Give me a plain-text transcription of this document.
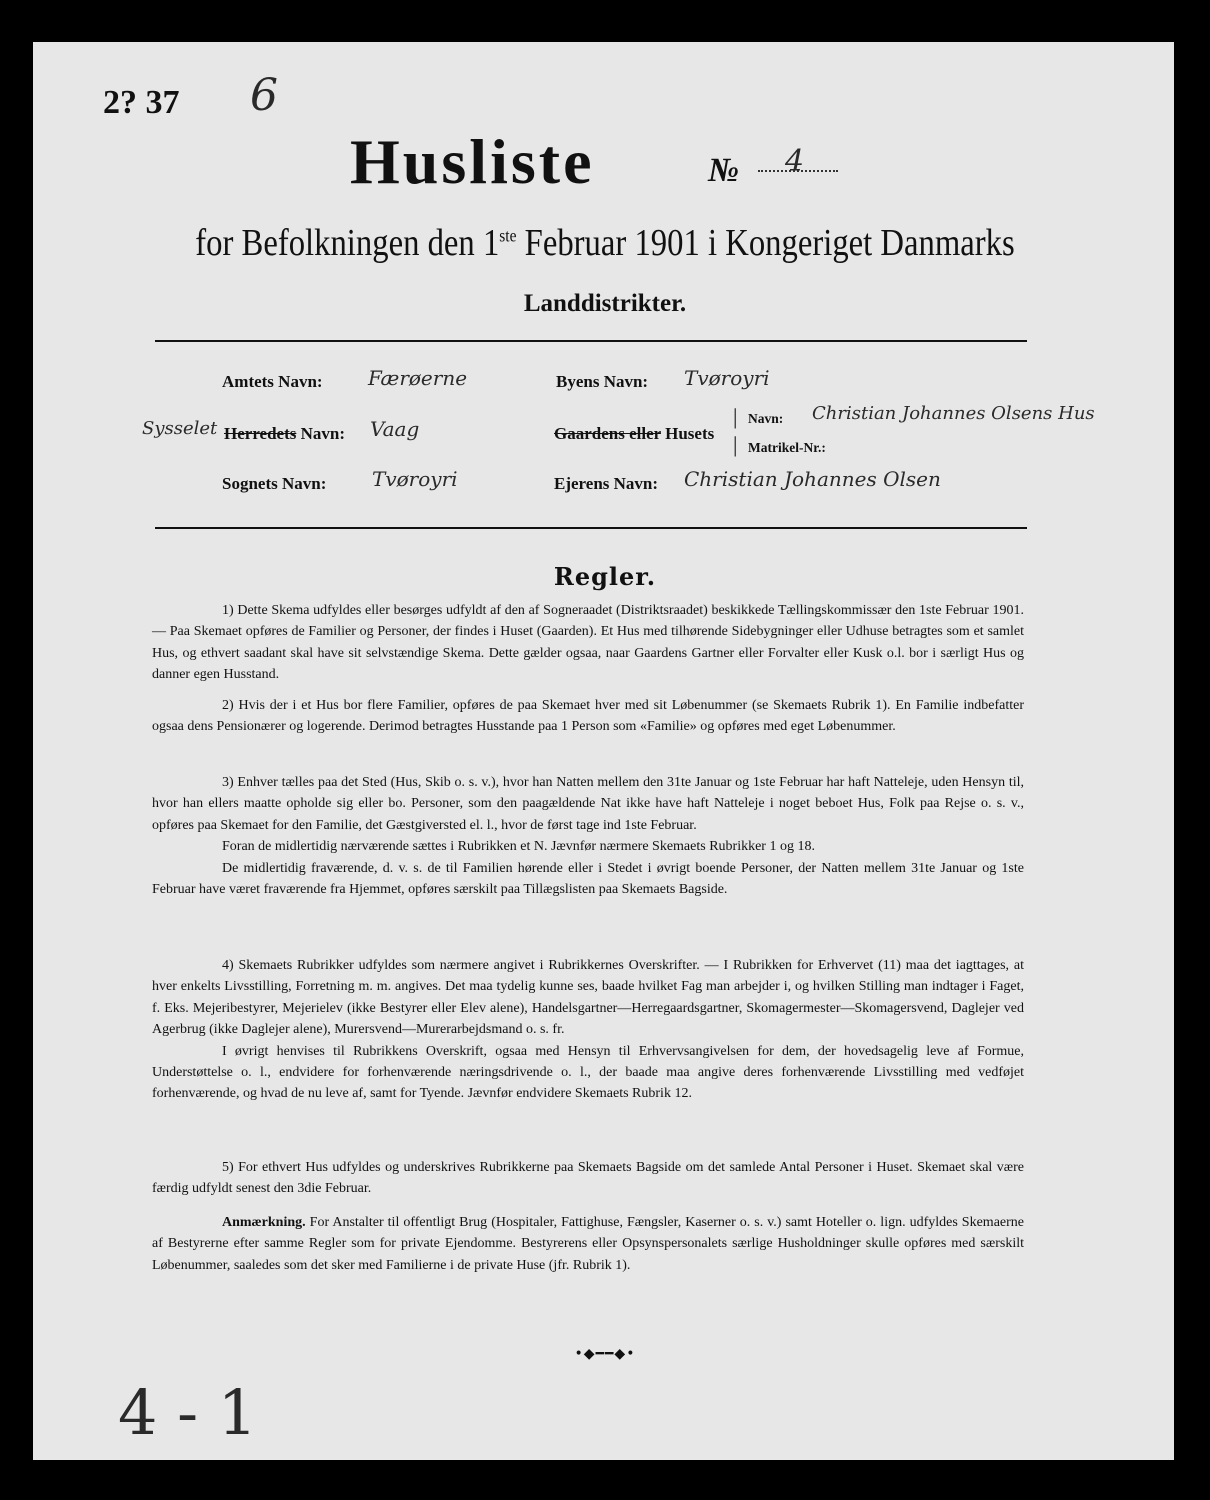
2? 37 6
Husliste	№ 4
for Befolkningen den 1ste Februar 1901 i Kongeriget Danmarks
Landdistrikter.
Amtets Navn: Færøerne	Byens Navn: Tvøroyri
Sysselet Herredets Navn: Vaag	Gaardens eller Husets
|
|
Navn: Christian Johannes Olsens Hus
Matrikel-Nr.:
Sognets Navn: Tvøroyri	Ejerens Navn: Christian Johannes Olsen
Regler.

1) Dette Skema udfyldes eller besørges udfyldt af den af Sogneraadet (Distriktsraadet) beskikkede Tællingskommissær den 1ste Februar 1901. — Paa Skemaet opføres de Familier og Personer, der findes i Huset (Gaarden). Et Hus med tilhørende Sidebygninger eller Udhuse betragtes som et samlet Hus, og ethvert saadant skal have sit selvstændige Skema. Dette gælder ogsaa, naar Gaardens Gartner eller Forvalter eller Kusk o.l. bor i særligt Hus og danner egen Husstand.

2) Hvis der i et Hus bor flere Familier, opføres de paa Skemaet hver med sit Løbenummer (se Skemaets Rubrik 1). En Familie indbefatter ogsaa dens Pensionærer og logerende. Derimod betragtes Husstande paa 1 Person som «Familie» og opføres med eget Løbenummer.

3) Enhver tælles paa det Sted (Hus, Skib o. s. v.), hvor han Natten mellem den 31te Januar og 1ste Februar har haft Natteleje, uden Hensyn til, hvor han ellers maatte opholde sig eller bo. Personer, som den paagældende Nat ikke have haft Natteleje i noget beboet Hus, Folk paa Rejse o. s. v., opføres paa Skemaet for den Familie, det Gæstgiversted el. l., hvor de først tage ind 1ste Februar.

Foran de midlertidig nærværende sættes i Rubrikken et N. Jævnfør nærmere Skemaets Rubrikker 1 og 18.

De midlertidig fraværende, d. v. s. de til Familien hørende eller i Stedet i øvrigt boende Personer, der Natten mellem 31te Januar og 1ste Februar have været fraværende fra Hjemmet, opføres særskilt paa Tillægslisten paa Skemaets Bagside.

4) Skemaets Rubrikker udfyldes som nærmere angivet i Rubrikkernes Overskrifter. — I Rubrikken for Erhvervet (11) maa det iagttages, at hver enkelts Livsstilling, Forretning m. m. angives. Det maa tydelig kunne ses, baade hvilket Fag man arbejder i, og hvilken Stilling man indtager i Faget, f. Eks. Mejeribestyrer, Mejerielev (ikke Bestyrer eller Elev alene), Handelsgartner—Herregaardsgartner, Skomagermester—Skomagersvend, Daglejer ved Agerbrug (ikke Daglejer alene), Murersvend—Murerarbejdsmand o. s. fr.

I øvrigt henvises til Rubrikkens Overskrift, ogsaa med Hensyn til Erhvervsangivelsen for dem, der hovedsagelig leve af Formue, Understøttelse o. l., endvidere for forhenværende næringsdrivende o. l., der baade maa angive deres forhenværende Livsstilling med vedføjet forhenværende, og hvad de nu leve af, samt for Tyende. Jævnfør endvidere Skemaets Rubrik 12.

5) For ethvert Hus udfyldes og underskrives Rubrikkerne paa Skemaets Bagside om det samlede Antal Personer i Huset. Skemaet skal være færdig udfyldt senest den 3die Februar.

Anmærkning. For Anstalter til offentligt Brug (Hospitaler, Fattighuse, Fængsler, Kaserner o. s. v.) samt Hoteller o. lign. udfyldes Skemaerne af Bestyrerne efter samme Regler som for private Ejendomme. Bestyrerens eller Opsynspersonalets særlige Husholdninger skulle opføres med særskilt Løbenummer, saaledes som det sker med Familierne i de private Huse (jfr. Rubrik 1).

•◆━━◆•
4 - 1
